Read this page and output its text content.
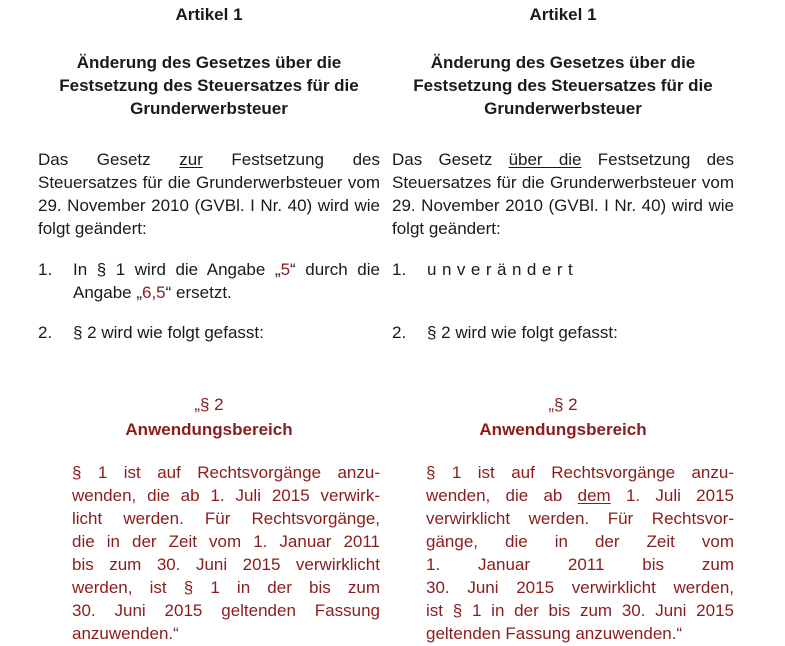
Artikel 1

Änderung des Gesetzes über die
Festsetzung des Steuersatzes für die
Grunderwerbsteuer

Das Gesetz zur Festsetzung des Steuersatzes für die Grunderwerbsteuer vom 29. November 2010 (GVBl. I Nr. 40) wird wie folgt geändert:

1.	In § 1 wird die Angabe „5“ durch die Angabe „6,5“ ersetzt.
2.	§ 2 wird wie folgt gefasst:

„§ 2

Anwendungsbereich

§ 1 ist auf Rechtsvorgänge anzu-
wenden, die ab 1. Juli 2015 verwirk-
licht werden. Für Rechtsvorgänge,
die in der Zeit vom 1. Januar 2011
bis zum 30. Juni 2015 verwirklicht
werden, ist § 1 in der bis zum
30. Juni 2015 geltenden Fassung
anzuwenden.“

Artikel 1

Änderung des Gesetzes über die
Festsetzung des Steuersatzes für die
Grunderwerbsteuer

Das Gesetz über die Festsetzung des Steuersatzes für die Grunderwerbsteuer vom 29. November 2010 (GVBl. I Nr. 40) wird wie folgt geändert:

1.	unverändert
2.	§ 2 wird wie folgt gefasst:

„§ 2

Anwendungsbereich

§ 1 ist auf Rechtsvorgänge anzu-
wenden, die ab dem 1. Juli 2015
verwirklicht werden. Für Rechtsvor-
gänge, die in der Zeit vom
1. Januar 2011 bis zum
30. Juni 2015 verwirklicht werden,
ist § 1 in der bis zum 30. Juni 2015
geltenden Fassung anzuwenden.“
